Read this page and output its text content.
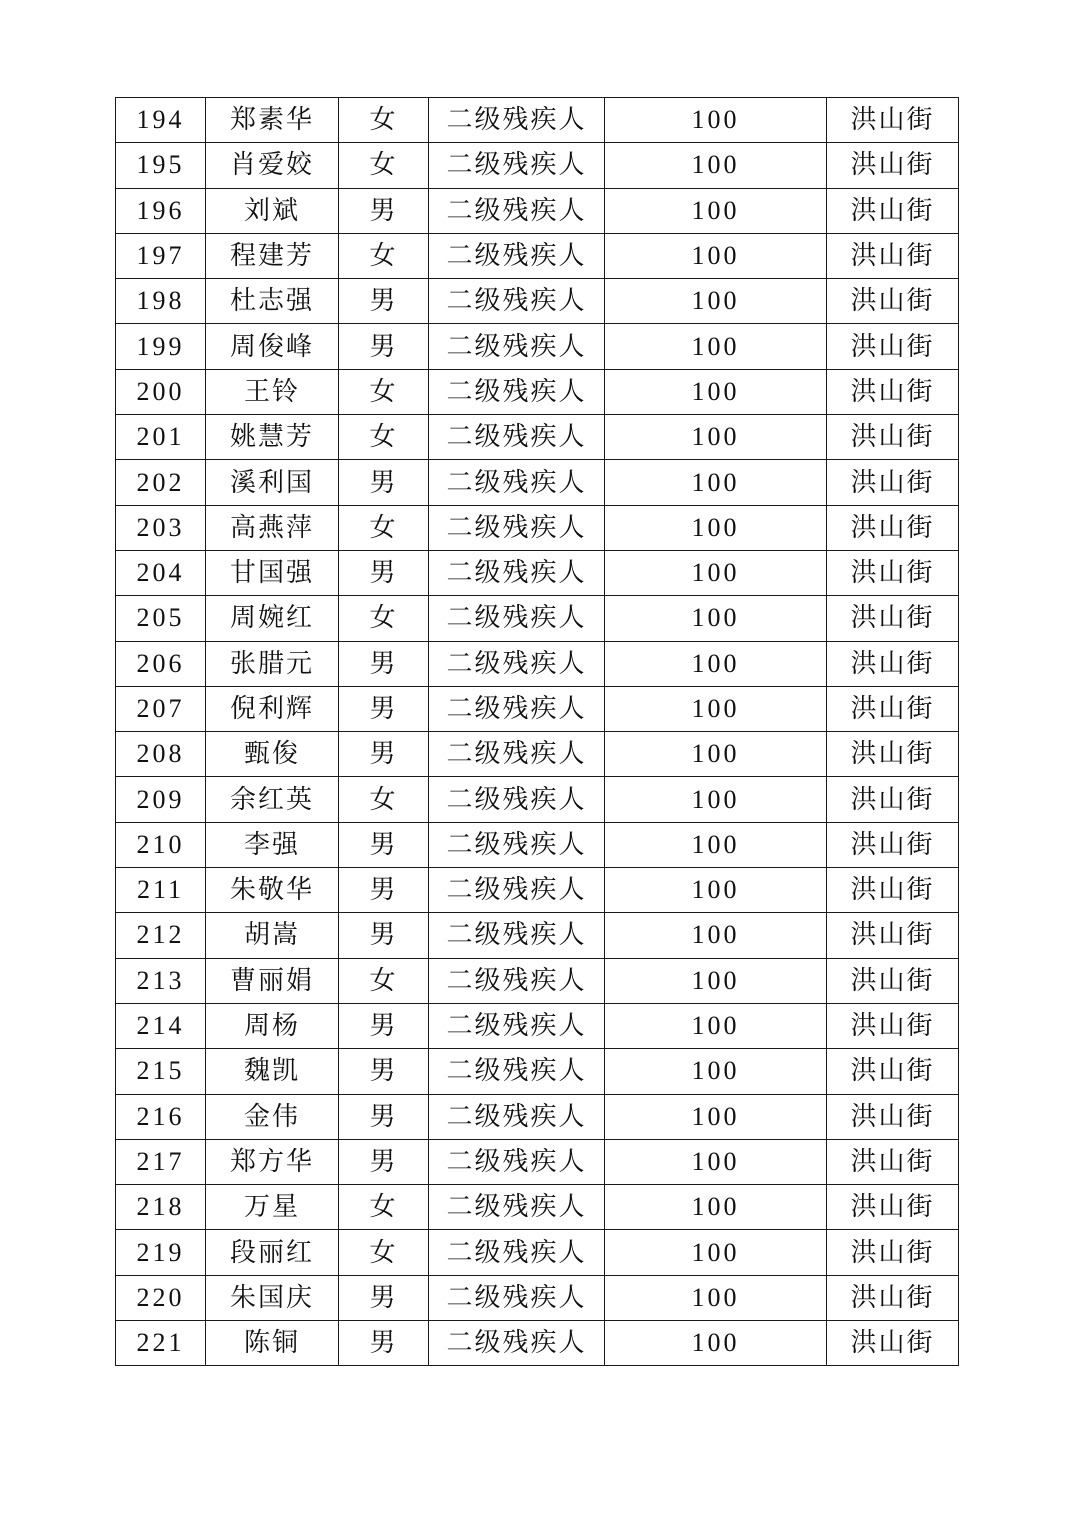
194	郑素华	女	二级残疾人	100	洪山街
195	肖爱姣	女	二级残疾人	100	洪山街
196	刘斌	男	二级残疾人	100	洪山街
197	程建芳	女	二级残疾人	100	洪山街
198	杜志强	男	二级残疾人	100	洪山街
199	周俊峰	男	二级残疾人	100	洪山街
200	王铃	女	二级残疾人	100	洪山街
201	姚慧芳	女	二级残疾人	100	洪山街
202	溪利国	男	二级残疾人	100	洪山街
203	高燕萍	女	二级残疾人	100	洪山街
204	甘国强	男	二级残疾人	100	洪山街
205	周婉红	女	二级残疾人	100	洪山街
206	张腊元	男	二级残疾人	100	洪山街
207	倪利辉	男	二级残疾人	100	洪山街
208	甄俊	男	二级残疾人	100	洪山街
209	余红英	女	二级残疾人	100	洪山街
210	李强	男	二级残疾人	100	洪山街
211	朱敬华	男	二级残疾人	100	洪山街
212	胡嵩	男	二级残疾人	100	洪山街
213	曹丽娟	女	二级残疾人	100	洪山街
214	周杨	男	二级残疾人	100	洪山街
215	魏凯	男	二级残疾人	100	洪山街
216	金伟	男	二级残疾人	100	洪山街
217	郑方华	男	二级残疾人	100	洪山街
218	万星	女	二级残疾人	100	洪山街
219	段丽红	女	二级残疾人	100	洪山街
220	朱国庆	男	二级残疾人	100	洪山街
221	陈铜	男	二级残疾人	100	洪山街
